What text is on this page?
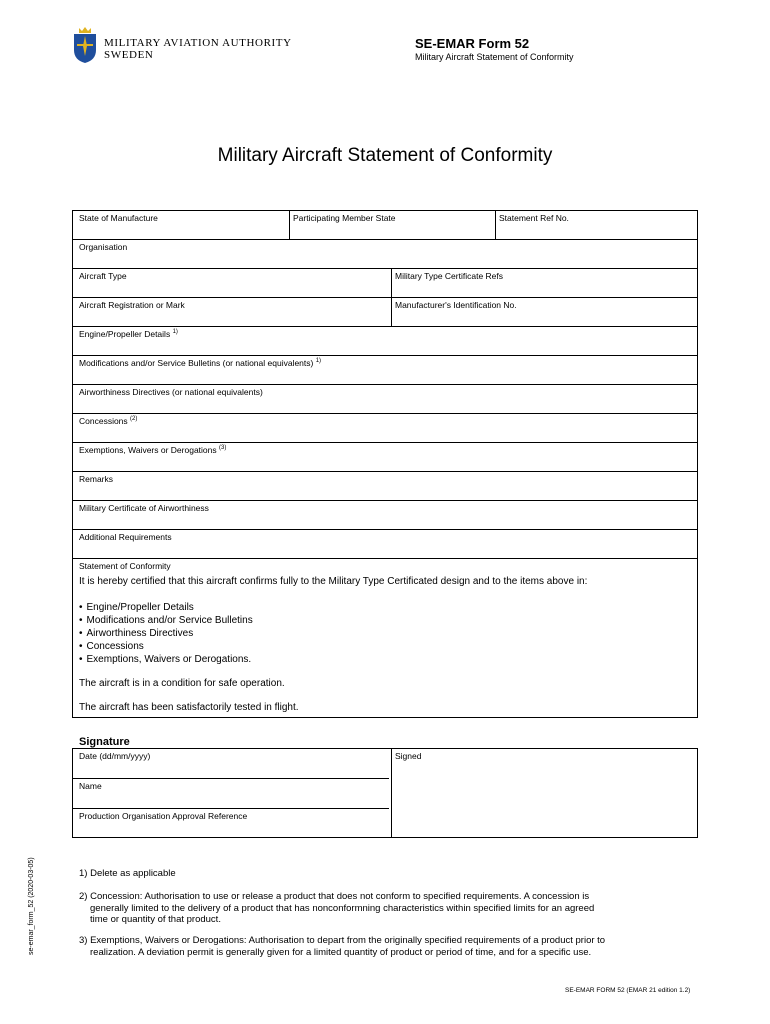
MILITARY AVIATION AUTHORITY
SWEDEN
SE-EMAR Form 52
Military Aircraft Statement of Conformity
Military Aircraft Statement of Conformity
State of Manufacture	Participating Member State	Statement Ref No.
Organisation
Aircraft Type	Military Type Certificate Refs
Aircraft Registration or Mark	Manufacturer's Identification No.
Engine/Propeller Details $^{1)}$
Modifications and/or Service Bulletins (or national equivalents) $^{1)}$
Airworthiness Directives (or national equivalents)
Concessions $^{(2)}$
Exemptions, Waivers or Derogations $^{(3)}$
Remarks
Military Certificate of Airworthiness
Additional Requirements
Statement of Conformity
It is hereby certified that this aircraft confirms fully to the Military Type Certificated design and to the items above in:
• Engine/Propeller Details
• Modifications and/or Service Bulletins
• Airworthiness Directives
• Concessions
• Exemptions, Waivers or Derogations.
The aircraft is in a condition for safe operation.
The aircraft has been satisfactorily tested in flight.
Signature
Date (dd/mm/yyyy)
Name
Production Organisation Approval Reference
Signed
1) Delete as applicable
2) Concession: Authorisation to use or release a product that does not conform to specified requirements. A concession is
generally limited to the delivery of a product that has nonconformning characteristics within specified limits for an agreed
time or quantity of that product.
3) Exemptions, Waivers or Derogations: Authorisation to depart from the originally specified requirements of a product prior to
realization. A deviation permit is generally given for a limited quantity of product or period of time, and for a specific use.
se-emar_form_52 (2020-03-05)
SE-EMAR FORM 52 (EMAR 21 edition 1.2)
